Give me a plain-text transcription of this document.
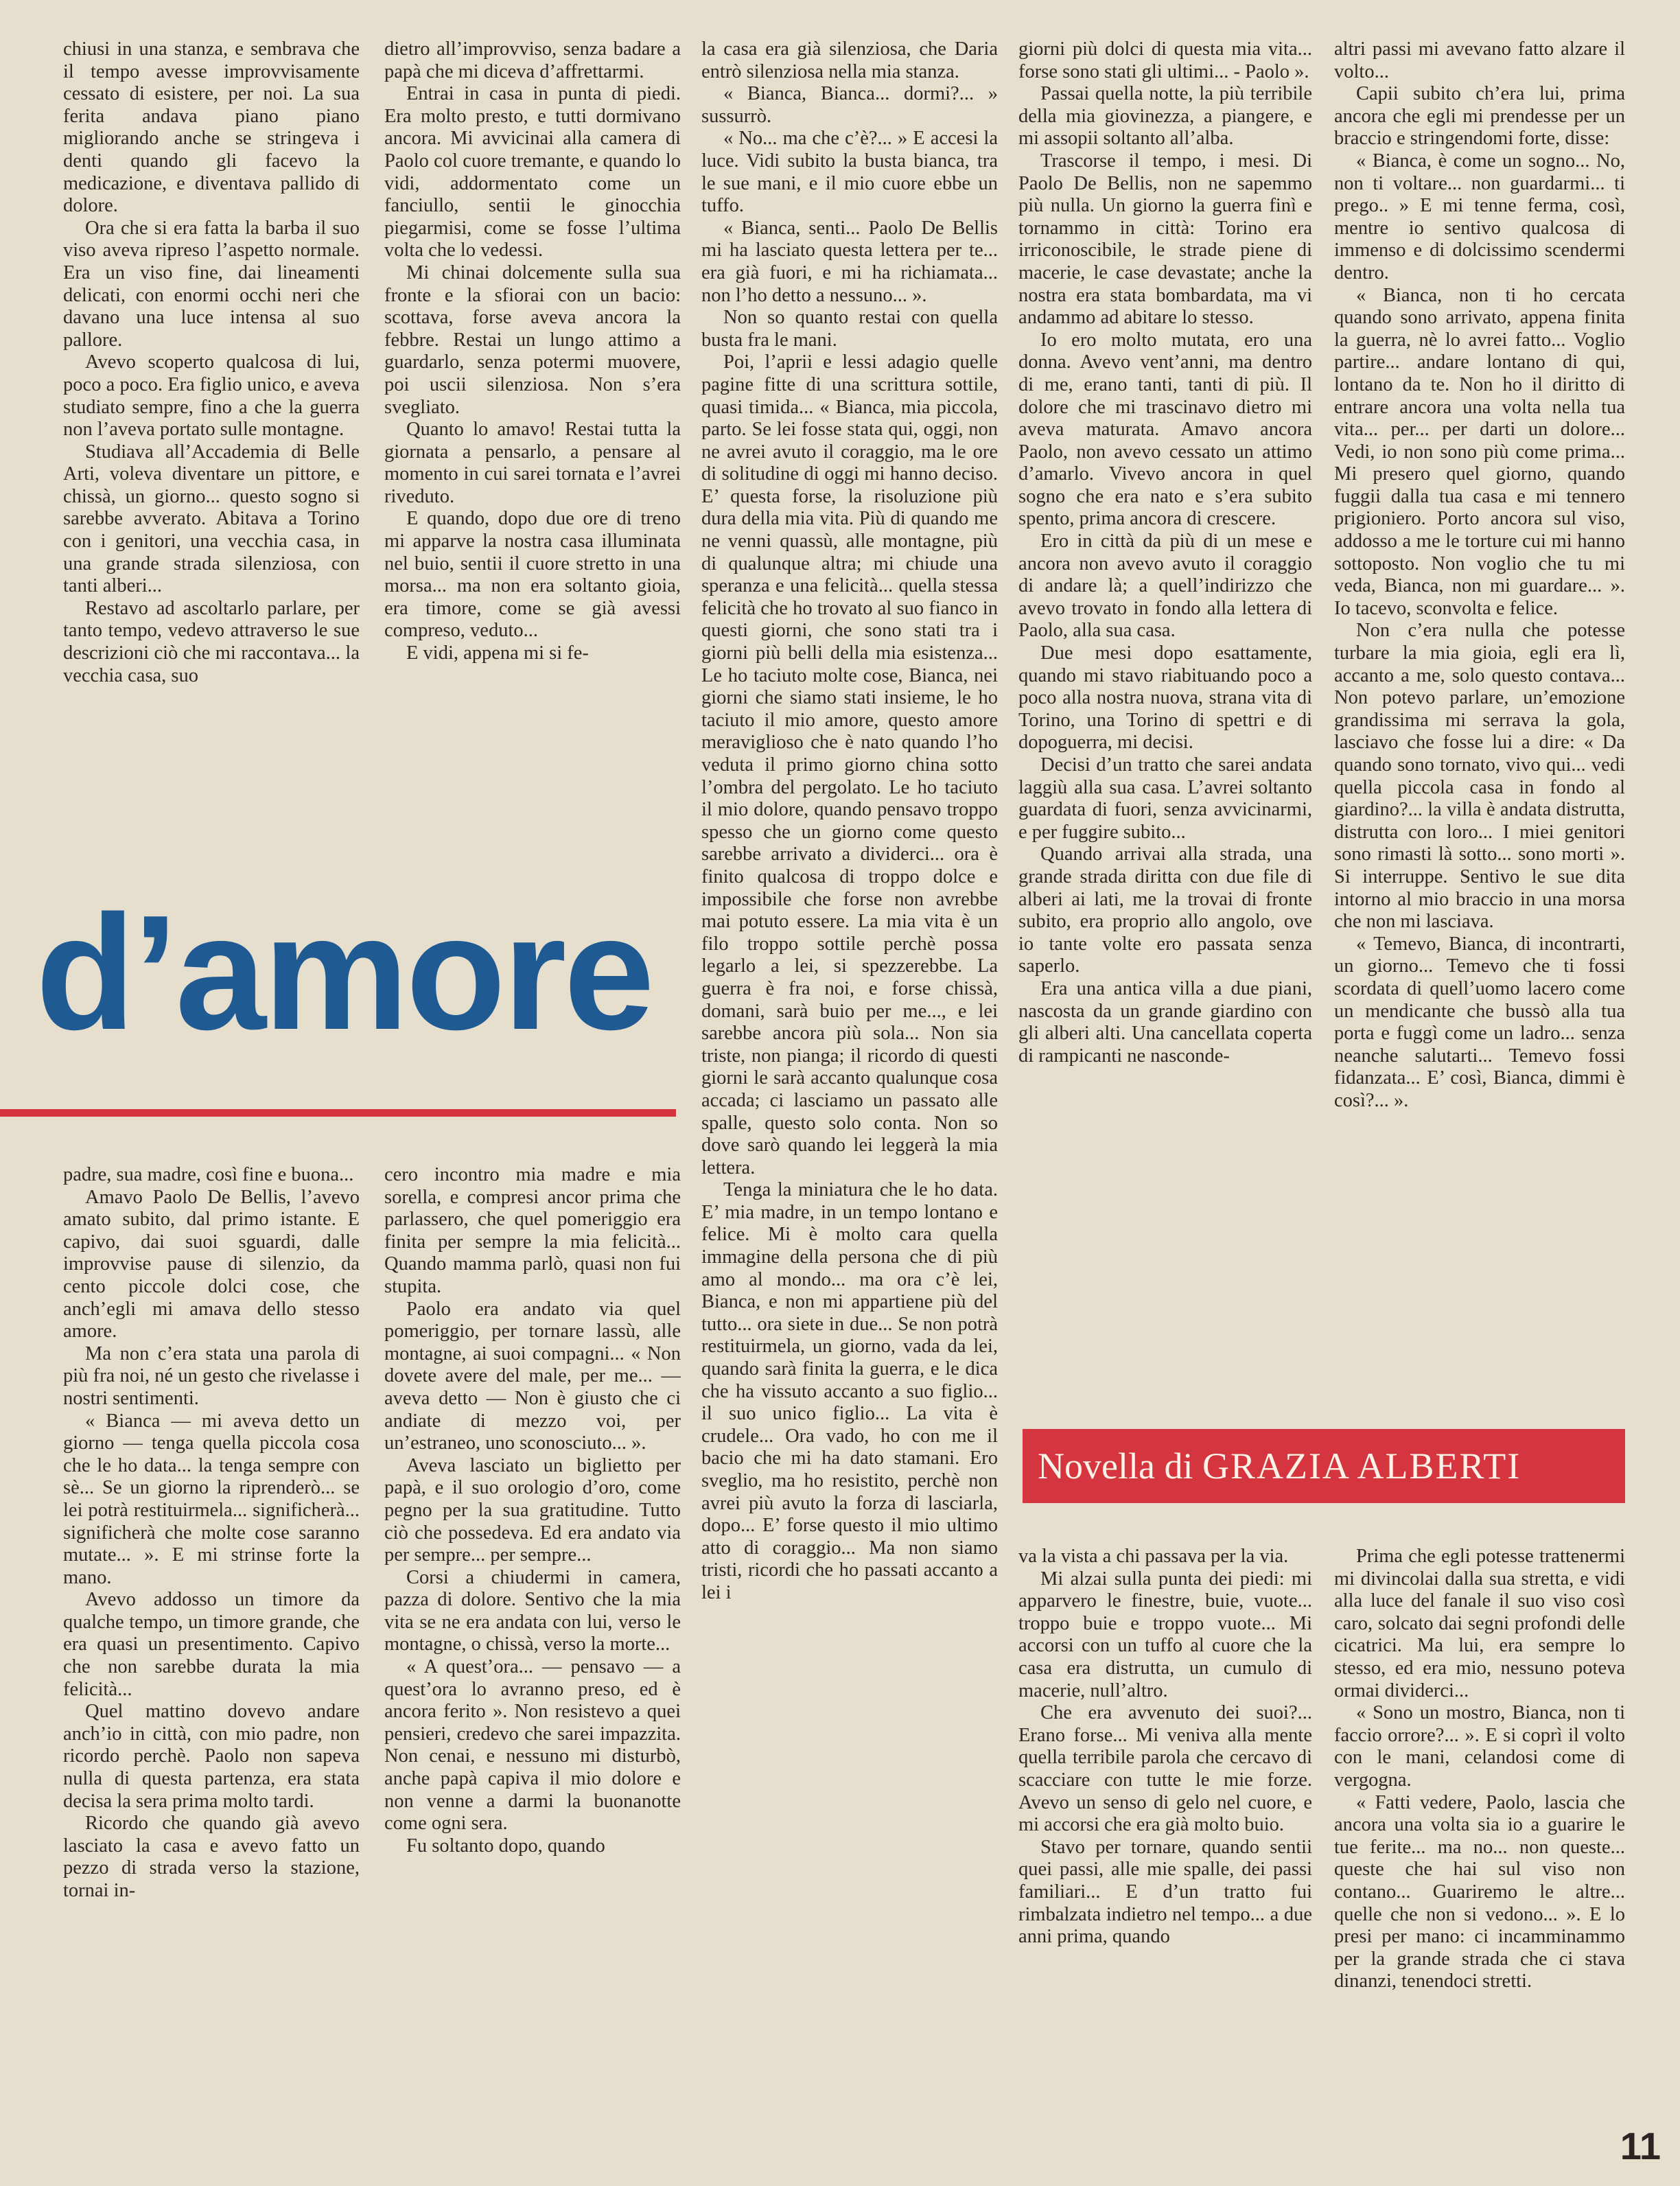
chiusi in una stanza, e sembrava che il tempo avesse improvvisamente cessato di esistere, per noi. La sua ferita andava piano piano migliorando anche se stringeva i denti quando gli facevo la medicazione, e diventava pallido di dolore.

Ora che si era fatta la barba il suo viso aveva ripreso l’aspetto normale. Era un viso fine, dai lineamenti delicati, con enormi occhi neri che davano una luce intensa al suo pallore.

Avevo scoperto qualcosa di lui, poco a poco. Era figlio unico, e aveva studiato sempre, fino a che la guerra non l’aveva portato sulle montagne.

Studiava all’Accademia di Belle Arti, voleva diventare un pittore, e chissà, un giorno... questo sogno si sarebbe avverato. Abitava a Torino con i genitori, una vecchia casa, in una grande strada silenziosa, con tanti alberi...

Restavo ad ascoltarlo parlare, per tanto tempo, vedevo attraverso le sue descrizioni ciò che mi raccontava... la vecchia casa, suo

dietro all’improvviso, senza badare a papà che mi diceva d’affrettarmi.

Entrai in casa in punta di piedi. Era molto presto, e tutti dormivano ancora. Mi avvicinai alla camera di Paolo col cuore tremante, e quando lo vidi, addormentato come un fanciullo, sentii le ginocchia piegarmisi, come se fosse l’ultima volta che lo vedessi.

Mi chinai dolcemente sulla sua fronte e la sfiorai con un bacio: scottava, forse aveva ancora la febbre. Restai un lungo attimo a guardarlo, senza potermi muovere, poi uscii silenziosa. Non s’era svegliato.

Quanto lo amavo! Restai tutta la giornata a pensarlo, a pensare al momento in cui sarei tornata e l’avrei riveduto.

E quando, dopo due ore di treno mi apparve la nostra casa illuminata nel buio, sentii il cuore stretto in una morsa... ma non era soltanto gioia, era timore, come se già avessi compreso, veduto...

E vidi, appena mi si fe-

d’amore

padre, sua madre, così fine e buona...

Amavo Paolo De Bellis, l’avevo amato subito, dal primo istante. E capivo, dai suoi sguardi, dalle improvvise pause di silenzio, da cento piccole dolci cose, che anch’egli mi amava dello stesso amore.

Ma non c’era stata una parola di più fra noi, né un gesto che rivelasse i nostri sentimenti.

« Bianca — mi aveva detto un giorno — tenga quella piccola cosa che le ho data... la tenga sempre con sè... Se un giorno la riprenderò... se lei potrà restituirmela... significherà... significherà che molte cose saranno mutate... ». E mi strinse forte la mano.

Avevo addosso un timore da qualche tempo, un timore grande, che era quasi un presentimento. Capivo che non sarebbe durata la mia felicità...

Quel mattino dovevo andare anch’io in città, con mio padre, non ricordo perchè. Paolo non sapeva nulla di questa partenza, era stata decisa la sera prima molto tardi.

Ricordo che quando già avevo lasciato la casa e avevo fatto un pezzo di strada verso la stazione, tornai in-

cero incontro mia madre e mia sorella, e compresi ancor prima che parlassero, che quel pomeriggio era finita per sempre la mia felicità... Quando mamma parlò, quasi non fui stupita.

Paolo era andato via quel pomeriggio, per tornare lassù, alle montagne, ai suoi compagni... « Non dovete avere del male, per me... — aveva detto — Non è giusto che ci andiate di mezzo voi, per un’estraneo, uno sconosciuto... ».

Aveva lasciato un biglietto per papà, e il suo orologio d’oro, come pegno per la sua gratitudine. Tutto ciò che possedeva. Ed era andato via per sempre... per sempre...

Corsi a chiudermi in camera, pazza di dolore. Sentivo che la mia vita se ne era andata con lui, verso le montagne, o chissà, verso la morte...

« A quest’ora... — pensavo — a quest’ora lo avranno preso, ed è ancora ferito ». Non resistevo a quei pensieri, credevo che sarei impazzita. Non cenai, e nessuno mi disturbò, anche papà capiva il mio dolore e non venne a darmi la buonanotte come ogni sera.

Fu soltanto dopo, quando

la casa era già silenziosa, che Daria entrò silenziosa nella mia stanza.

« Bianca, Bianca... dormi?... » sussurrò.

« No... ma che c’è?... » E accesi la luce. Vidi subito la busta bianca, tra le sue mani, e il mio cuore ebbe un tuffo.

« Bianca, senti... Paolo De Bellis mi ha lasciato questa lettera per te... era già fuori, e mi ha richiamata... non l’ho detto a nessuno... ».

Non so quanto restai con quella busta fra le mani.

Poi, l’aprii e lessi adagio quelle pagine fitte di una scrittura sottile, quasi timida... « Bianca, mia piccola, parto. Se lei fosse stata qui, oggi, non ne avrei avuto il coraggio, ma le ore di solitudine di oggi mi hanno deciso. E’ questa forse, la risoluzione più dura della mia vita. Più di quando me ne venni quassù, alle montagne, più di qualunque altra; mi chiude una speranza e una felicità... quella stessa felicità che ho trovato al suo fianco in questi giorni, che sono stati tra i giorni più belli della mia esistenza... Le ho taciuto molte cose, Bianca, nei giorni che siamo stati insieme, le ho taciuto il mio amore, questo amore meraviglioso che è nato quando l’ho veduta il primo giorno china sotto l’ombra del pergolato. Le ho taciuto il mio dolore, quando pensavo troppo spesso che un giorno come questo sarebbe arrivato a dividerci... ora è finito qualcosa di troppo dolce e impossibile che forse non avrebbe mai potuto essere. La mia vita è un filo troppo sottile perchè possa legarlo a lei, si spezzerebbe. La guerra è fra noi, e forse chissà, domani, sarà buio per me..., e lei sarebbe ancora più sola... Non sia triste, non pianga; il ricordo di questi giorni le sarà accanto qualunque cosa accada; ci lasciamo un passato alle spalle, questo solo conta. Non so dove sarò quando lei leggerà la mia lettera.

Tenga la miniatura che le ho data. E’ mia madre, in un tempo lontano e felice. Mi è molto cara quella immagine della persona che di più amo al mondo... ma ora c’è lei, Bianca, e non mi appartiene più del tutto... ora siete in due... Se non potrà restituirmela, un giorno, vada da lei, quando sarà finita la guerra, e le dica che ha vissuto accanto a suo figlio... il suo unico figlio... La vita è crudele... Ora vado, ho con me il bacio che mi ha dato stamani. Ero sveglio, ma ho resistito, perchè non avrei più avuto la forza di lasciarla, dopo... E’ forse questo il mio ultimo atto di coraggio... Ma non siamo tristi, ricordi che ho passati accanto a lei i

giorni più dolci di questa mia vita... forse sono stati gli ultimi... - Paolo ».

Passai quella notte, la più terribile della mia giovinezza, a piangere, e mi assopii soltanto all’alba.

Trascorse il tempo, i mesi. Di Paolo De Bellis, non ne sapemmo più nulla. Un giorno la guerra finì e tornammo in città: Torino era irriconoscibile, le strade piene di macerie, le case devastate; anche la nostra era stata bombardata, ma vi andammo ad abitare lo stesso.

Io ero molto mutata, ero una donna. Avevo vent’anni, ma dentro di me, erano tanti, tanti di più. Il dolore che mi trascinavo dietro mi aveva maturata. Amavo ancora Paolo, non avevo cessato un attimo d’amarlo. Vivevo ancora in quel sogno che era nato e s’era subito spento, prima ancora di crescere.

Ero in città da più di un mese e ancora non avevo avuto il coraggio di andare là; a quell’indirizzo che avevo trovato in fondo alla lettera di Paolo, alla sua casa.

Due mesi dopo esattamente, quando mi stavo riabituando poco a poco alla nostra nuova, strana vita di Torino, una Torino di spettri e di dopoguerra, mi decisi.

Decisi d’un tratto che sarei andata laggiù alla sua casa. L’avrei soltanto guardata di fuori, senza avvicinarmi, e per fuggire subito...

Quando arrivai alla strada, una grande strada diritta con due file di alberi ai lati, me la trovai di fronte subito, era proprio allo angolo, ove io tante volte ero passata senza saperlo.

Era una antica villa a due piani, nascosta da un grande giardino con gli alberi alti. Una cancellata coperta di rampicanti ne nasconde-

altri passi mi avevano fatto alzare il volto...

Capii subito ch’era lui, prima ancora che egli mi prendesse per un braccio e stringendomi forte, disse:

« Bianca, è come un sogno... No, non ti voltare... non guardarmi... ti prego.. » E mi tenne ferma, così, mentre io sentivo qualcosa di immenso e di dolcissimo scendermi dentro.

« Bianca, non ti ho cercata quando sono arrivato, appena finita la guerra, nè lo avrei fatto... Voglio partire... andare lontano di qui, lontano da te. Non ho il diritto di entrare ancora una volta nella tua vita... per... per darti un dolore... Vedi, io non sono più come prima... Mi presero quel giorno, quando fuggii dalla tua casa e mi tennero prigioniero. Porto ancora sul viso, addosso a me le torture cui mi hanno sottoposto. Non voglio che tu mi veda, Bianca, non mi guardare... ». Io tacevo, sconvolta e felice.

Non c’era nulla che potesse turbare la mia gioia, egli era lì, accanto a me, solo questo contava... Non potevo parlare, un’emozione grandissima mi serrava la gola, lasciavo che fosse lui a dire: « Da quando sono tornato, vivo qui... vedi quella piccola casa in fondo al giardino?... la villa è andata distrutta, distrutta con loro... I miei genitori sono rimasti là sotto... sono morti ». Si interruppe. Sentivo le sue dita intorno al mio braccio in una morsa che non mi lasciava.

« Temevo, Bianca, di incontrarti, un giorno... Temevo che ti fossi scordata di quell’uomo lacero come un mendicante che bussò alla tua porta e fuggì come un ladro... senza neanche salutarti... Temevo fossi fidanzata... E’ così, Bianca, dimmi è così?... ».

Novella di GRAZIA ALBERTI

va la vista a chi passava per la via.

Mi alzai sulla punta dei piedi: mi apparvero le finestre, buie, vuote... troppo buie e troppo vuote... Mi accorsi con un tuffo al cuore che la casa era distrutta, un cumulo di macerie, null’altro.

Che era avvenuto dei suoi?... Erano forse... Mi veniva alla mente quella terribile parola che cercavo di scacciare con tutte le mie forze. Avevo un senso di gelo nel cuore, e mi accorsi che era già molto buio.

Stavo per tornare, quando sentii quei passi, alle mie spalle, dei passi familiari... E d’un tratto fui rimbalzata indietro nel tempo... a due anni prima, quando

Prima che egli potesse trattenermi mi divincolai dalla sua stretta, e vidi alla luce del fanale il suo viso così caro, solcato dai segni profondi delle cicatrici. Ma lui, era sempre lo stesso, ed era mio, nessuno poteva ormai dividerci...

« Sono un mostro, Bianca, non ti faccio orrore?... ». E si coprì il volto con le mani, celandosi come di vergogna.

« Fatti vedere, Paolo, lascia che ancora una volta sia io a guarire le tue ferite... ma no... non queste... queste che hai sul viso non contano... Guariremo le altre... quelle che non si vedono... ». E lo presi per mano: ci incamminammo per la grande strada che ci stava dinanzi, tenendoci stretti.

11
